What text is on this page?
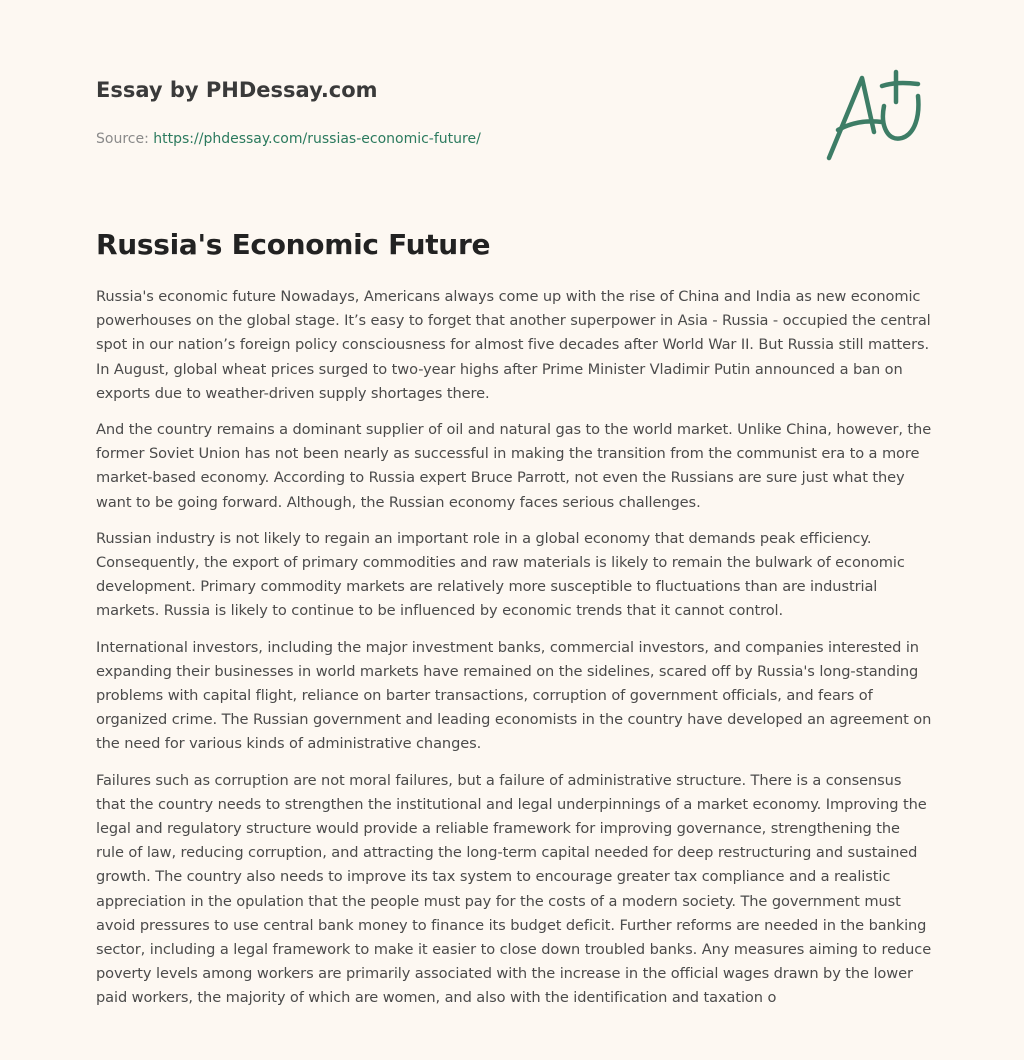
Essay by PHDessay.com
Source: https://phdessay.com/russias-economic-future/
Russia's Economic Future

Russia's economic future Nowadays, Americans always come up with the rise of China and India as new economic powerhouses on the global stage. It’s easy to forget that another superpower in Asia - Russia - occupied the central spot in our nation’s foreign policy consciousness for almost five decades after World War II. But Russia still matters. In August, global wheat prices surged to two-year highs after Prime Minister Vladimir Putin announced a ban on exports due to weather-driven supply shortages there.

And the country remains a dominant supplier of oil and natural gas to the world market. Unlike China, however, the former Soviet Union has not been nearly as successful in making the transition from the communist era to a more market-based economy. According to Russia expert Bruce Parrott, not even the Russians are sure just what they want to be going forward. Although, the Russian economy faces serious challenges.

Russian industry is not likely to regain an important role in a global economy that demands peak efficiency. Consequently, the export of primary commodities and raw materials is likely to remain the bulwark of economic development. Primary commodity markets are relatively more susceptible to fluctuations than are industrial markets. Russia is likely to continue to be influenced by economic trends that it cannot control.

International investors, including the major investment banks, commercial investors, and companies interested in expanding their businesses in world markets have remained on the sidelines, scared off by Russia's long-standing problems with capital flight, reliance on barter transactions, corruption of government officials, and fears of organized crime. The Russian government and leading economists in the country have developed an agreement on the need for various kinds of administrative changes.

Failures such as corruption are not moral failures, but a failure of administrative structure. There is a consensus that the country needs to strengthen the institutional and legal underpinnings of a market economy. Improving the legal and regulatory structure would provide a reliable framework for improving governance, strengthening the rule of law, reducing corruption, and attracting the long-term capital needed for deep restructuring and sustained growth. The country also needs to improve its tax system to encourage greater tax compliance and a realistic appreciation in the opulation that the people must pay for the costs of a modern society. The government must avoid pressures to use central bank money to finance its budget deficit. Further reforms are needed in the banking sector, including a legal framework to make it easier to close down troubled banks. Any measures aiming to reduce poverty levels among workers are primarily associated with the increase in the official wages drawn by the lower paid workers, the majority of which are women, and also with the identification and taxation o
